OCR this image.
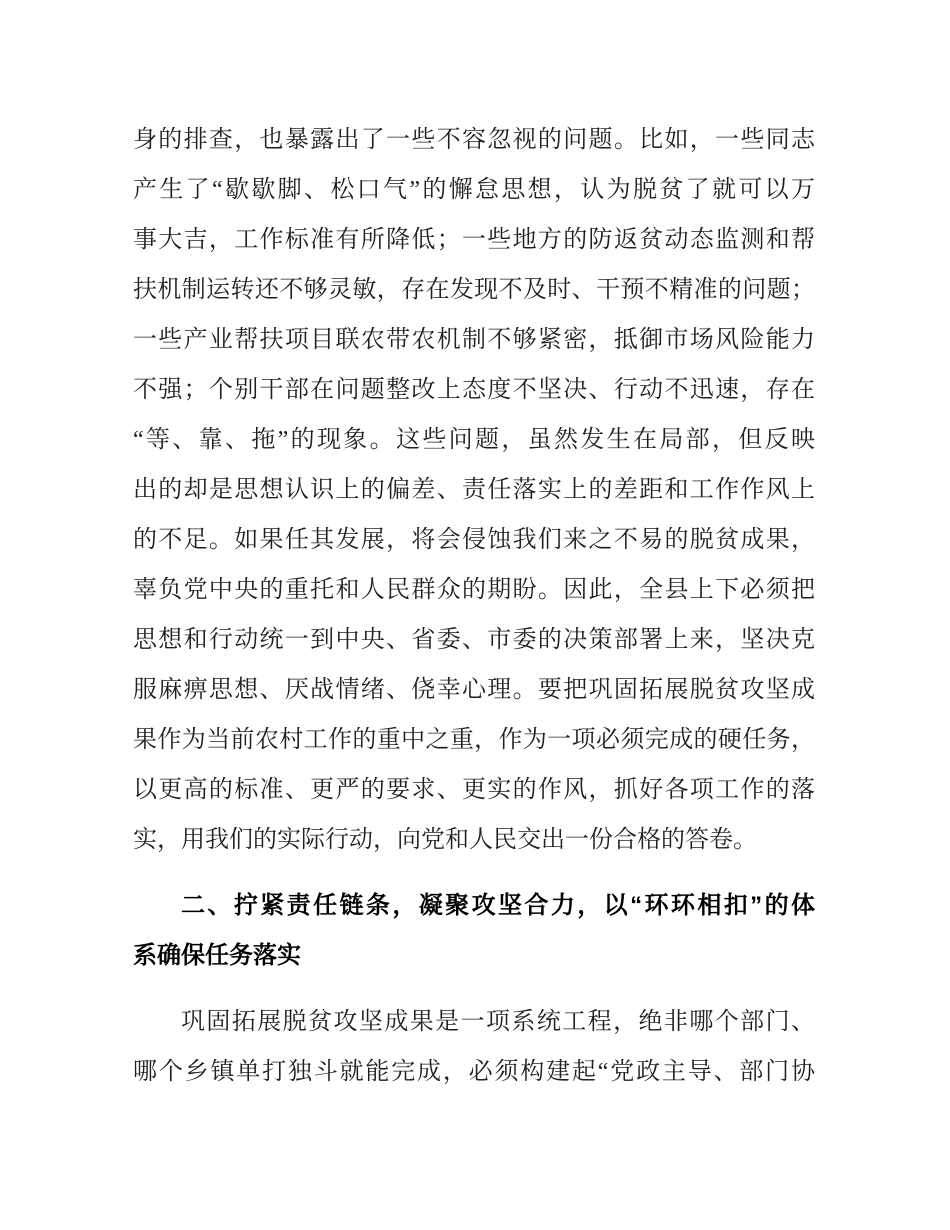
身的排查，也暴露出了一些不容忽视的问题。比如，一些同志
产生了“歇歇脚、松口气”的懈怠思想，认为脱贫了就可以万
事大吉，工作标准有所降低；一些地方的防返贫动态监测和帮
扶机制运转还不够灵敏，存在发现不及时、干预不精准的问题；
一些产业帮扶项目联农带农机制不够紧密，抵御市场风险能力
不强；个别干部在问题整改上态度不坚决、行动不迅速，存在
“等、靠、拖”的现象。这些问题，虽然发生在局部，但反映
出的却是思想认识上的偏差、责任落实上的差距和工作作风上
的不足。如果任其发展，将会侵蚀我们来之不易的脱贫成果，
辜负党中央的重托和人民群众的期盼。因此，全县上下必须把
思想和行动统一到中央、省委、市委的决策部署上来，坚决克
服麻痹思想、厌战情绪、侥幸心理。要把巩固拓展脱贫攻坚成
果作为当前农村工作的重中之重，作为一项必须完成的硬任务，
以更高的标准、更严的要求、更实的作风，抓好各项工作的落
实，用我们的实际行动，向党和人民交出一份合格的答卷。
二、拧紧责任链条，凝聚攻坚合力，以“环环相扣”的体
系确保任务落实
巩固拓展脱贫攻坚成果是一项系统工程，绝非哪个部门、
哪个乡镇单打独斗就能完成，必须构建起“党政主导、部门协
